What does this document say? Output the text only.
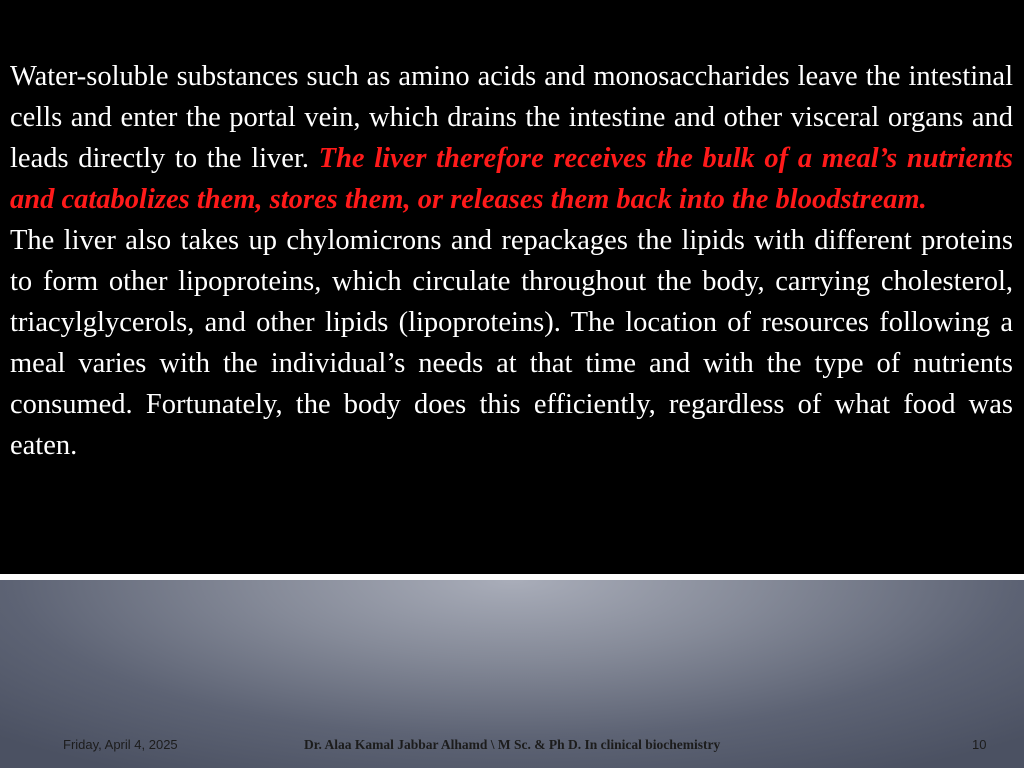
Water-soluble substances such as amino acids and monosaccharides leave the intestinal cells and enter the portal vein, which drains the intestine and other visceral organs and leads directly to the liver. The liver therefore receives the bulk of a meal’s nutrients and catabolizes them, stores them, or releases them back into the bloodstream.

The liver also takes up chylomicrons and repackages the lipids with different proteins to form other lipoproteins, which circulate throughout the body, carrying cholesterol, triacylglycerols, and other lipids (lipoproteins). The location of resources following a meal varies with the individual’s needs at that time and with the type of nutrients consumed. Fortunately, the body does this efficiently, regardless of what food was eaten.

Friday, April 4, 2025	Dr. Alaa Kamal Jabbar Alhamd \ M Sc. & Ph D. In clinical biochemistry	10
